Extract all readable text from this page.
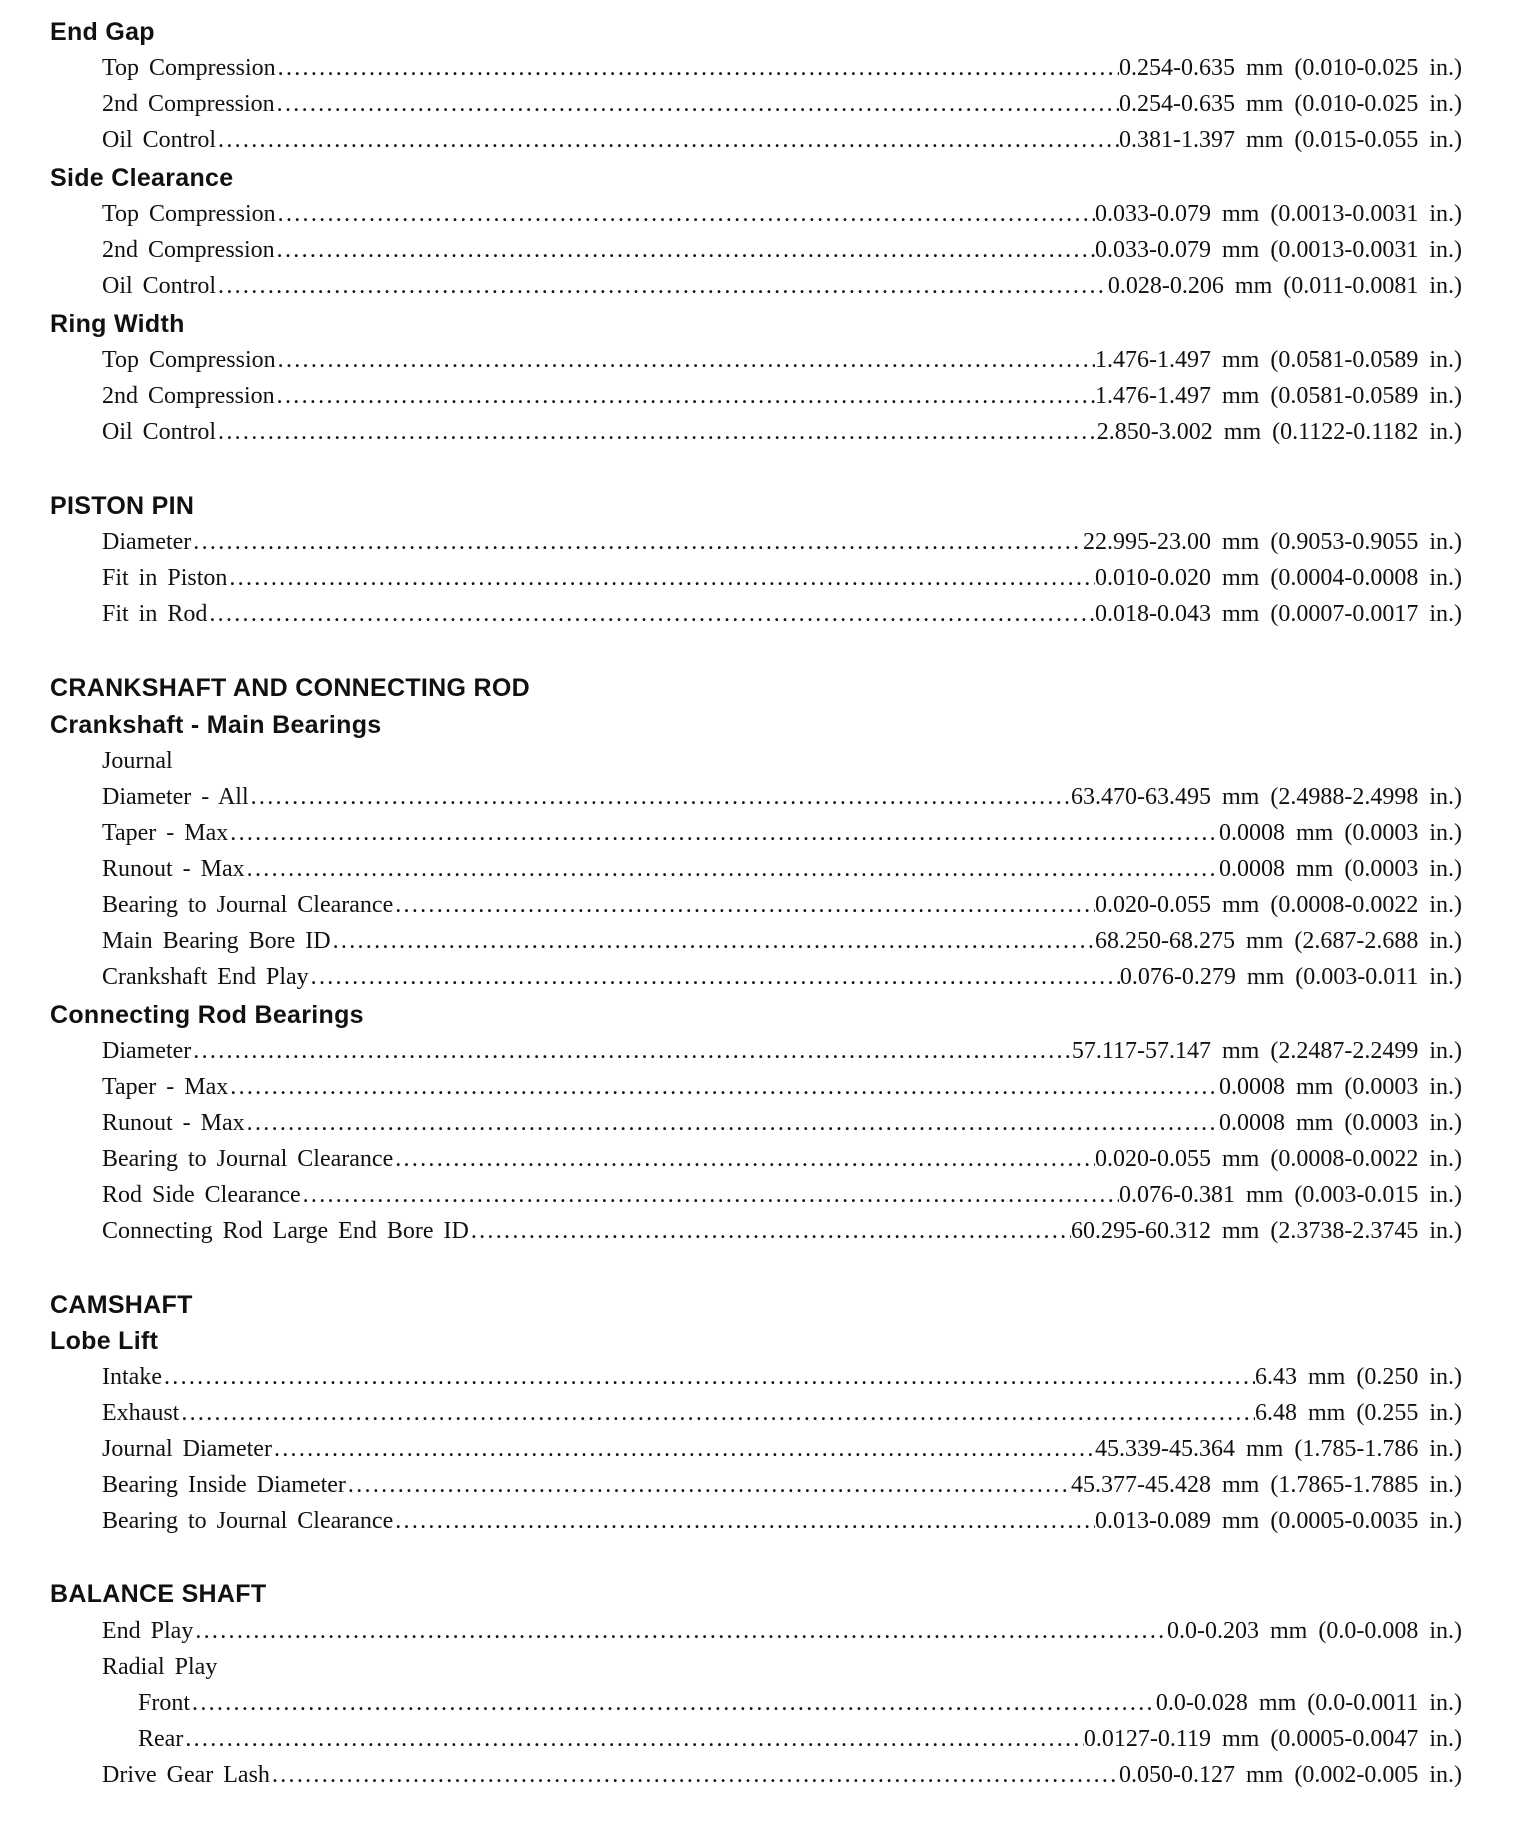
End Gap
Top Compression .....	0.254-0.635 mm (0.010-0.025 in.)
2nd Compression .....	0.254-0.635 mm (0.010-0.025 in.)
Oil Control .....	0.381-1.397 mm (0.015-0.055 in.)
Side Clearance
Top Compression .....	0.033-0.079 mm (0.0013-0.0031 in.)
2nd Compression .....	0.033-0.079 mm (0.0013-0.0031 in.)
Oil Control .....	0.028-0.206 mm (0.011-0.0081 in.)
Ring Width
Top Compression .....	1.476-1.497 mm (0.0581-0.0589 in.)
2nd Compression .....	1.476-1.497 mm (0.0581-0.0589 in.)
Oil Control .....	2.850-3.002 mm (0.1122-0.1182 in.)
PISTON PIN
Diameter .....	22.995-23.00 mm (0.9053-0.9055 in.)
Fit in Piston .....	0.010-0.020 mm (0.0004-0.0008 in.)
Fit in Rod .....	0.018-0.043 mm (0.0007-0.0017 in.)
CRANKSHAFT AND CONNECTING ROD
Crankshaft - Main Bearings
Journal
Diameter - All .....	63.470-63.495 mm (2.4988-2.4998 in.)
Taper - Max .....	0.0008 mm (0.0003 in.)
Runout - Max .....	0.0008 mm (0.0003 in.)
Bearing to Journal Clearance .....	0.020-0.055 mm (0.0008-0.0022 in.)
Main Bearing Bore ID .....	68.250-68.275 mm (2.687-2.688 in.)
Crankshaft End Play .....	0.076-0.279 mm (0.003-0.011 in.)
Connecting Rod Bearings
Diameter .....	57.117-57.147 mm (2.2487-2.2499 in.)
Taper - Max .....	0.0008 mm (0.0003 in.)
Runout - Max .....	0.0008 mm (0.0003 in.)
Bearing to Journal Clearance .....	0.020-0.055 mm (0.0008-0.0022 in.)
Rod Side Clearance .....	0.076-0.381 mm (0.003-0.015 in.)
Connecting Rod Large End Bore ID .....	60.295-60.312 mm (2.3738-2.3745 in.)
CAMSHAFT
Lobe Lift
Intake .....	6.43 mm (0.250 in.)
Exhaust .....	6.48 mm (0.255 in.)
Journal Diameter .....	45.339-45.364 mm (1.785-1.786 in.)
Bearing Inside Diameter .....	45.377-45.428 mm (1.7865-1.7885 in.)
Bearing to Journal Clearance .....	0.013-0.089 mm (0.0005-0.0035 in.)
BALANCE SHAFT
End Play .....	0.0-0.203 mm (0.0-0.008 in.)
Radial Play
Front .....	0.0-0.028 mm (0.0-0.0011 in.)
Rear .....	0.0127-0.119 mm (0.0005-0.0047 in.)
Drive Gear Lash .....	0.050-0.127 mm (0.002-0.005 in.)
